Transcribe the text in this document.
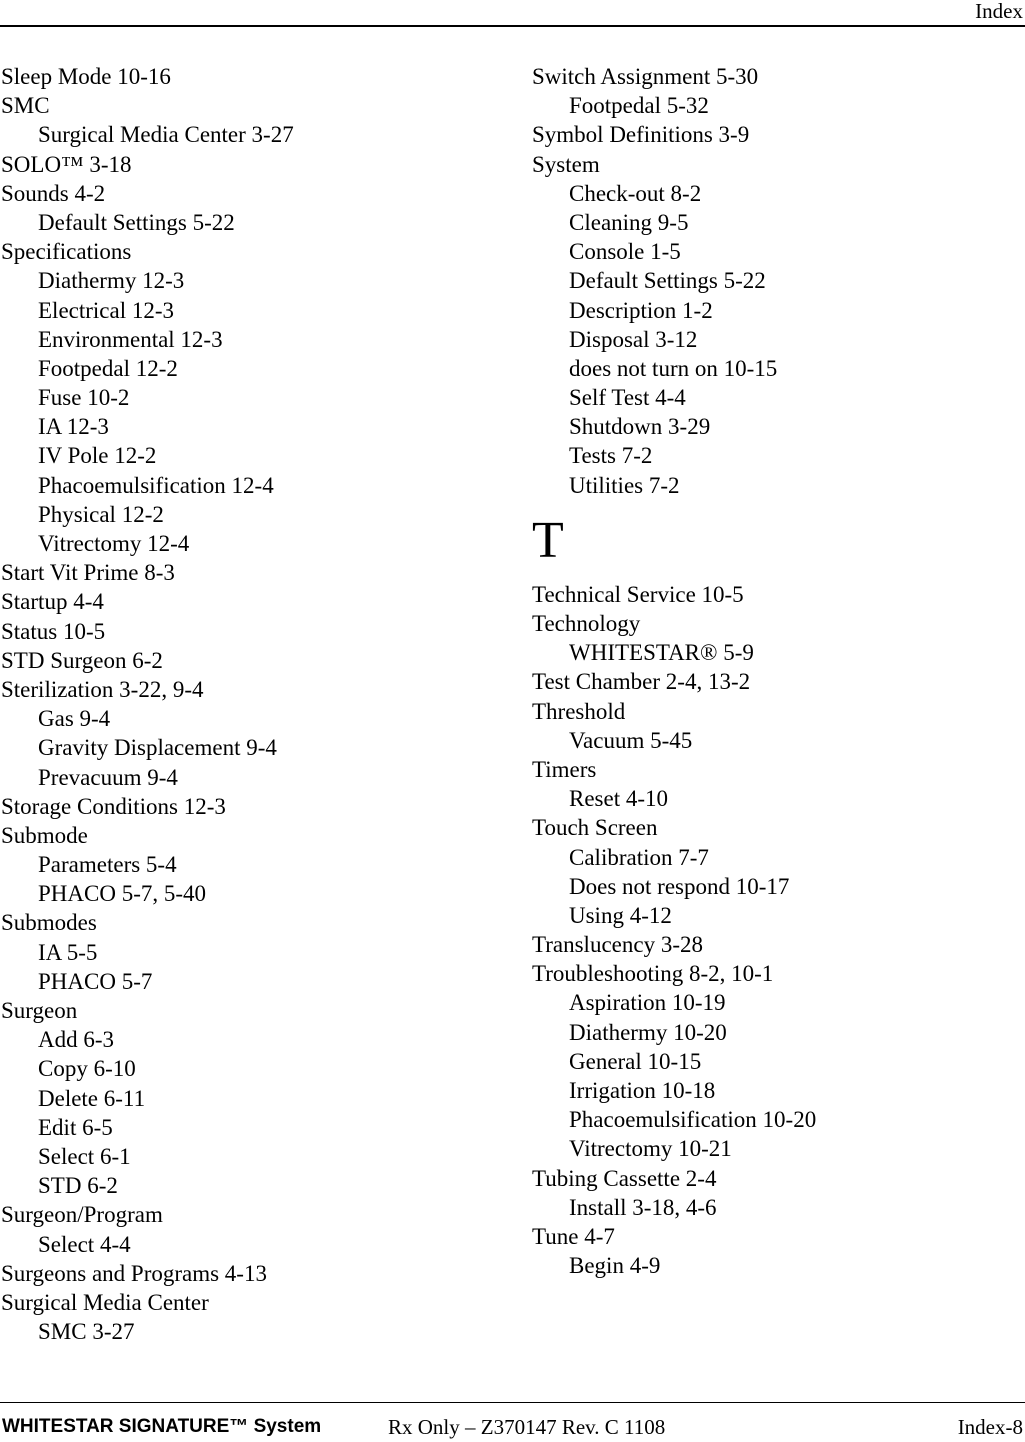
Index
Sleep Mode 10-16
SMC
Surgical Media Center 3-27
SOLO™ 3-18
Sounds 4-2
Default Settings 5-22
Specifications
Diathermy 12-3
Electrical 12-3
Environmental 12-3
Footpedal 12-2
Fuse 10-2
IA 12-3
IV Pole 12-2
Phacoemulsification 12-4
Physical 12-2
Vitrectomy 12-4
Start Vit Prime 8-3
Startup 4-4
Status 10-5
STD Surgeon 6-2
Sterilization 3-22, 9-4
Gas 9-4
Gravity Displacement 9-4
Prevacuum 9-4
Storage Conditions 12-3
Submode
Parameters 5-4
PHACO 5-7, 5-40
Submodes
IA 5-5
PHACO 5-7
Surgeon
Add 6-3
Copy 6-10
Delete 6-11
Edit 6-5
Select 6-1
STD 6-2
Surgeon/Program
Select 4-4
Surgeons and Programs 4-13
Surgical Media Center
SMC 3-27
Switch Assignment 5-30
Footpedal 5-32
Symbol Definitions 3-9
System
Check-out 8-2
Cleaning 9-5
Console 1-5
Default Settings 5-22
Description 1-2
Disposal 3-12
does not turn on 10-15
Self Test 4-4
Shutdown 3-29
Tests 7-2
Utilities 7-2
T
Technical Service 10-5
Technology
WHITESTAR® 5-9
Test Chamber 2-4, 13-2
Threshold
Vacuum 5-45
Timers
Reset 4-10
Touch Screen
Calibration 7-7
Does not respond 10-17
Using 4-12
Translucency 3-28
Troubleshooting 8-2, 10-1
Aspiration 10-19
Diathermy 10-20
General 10-15
Irrigation 10-18
Phacoemulsification 10-20
Vitrectomy 10-21
Tubing Cassette 2-4
Install 3-18, 4-6
Tune 4-7
Begin 4-9
WHITESTAR SIGNATURE™ System	Rx Only – Z370147 Rev. C 1108	Index-8
